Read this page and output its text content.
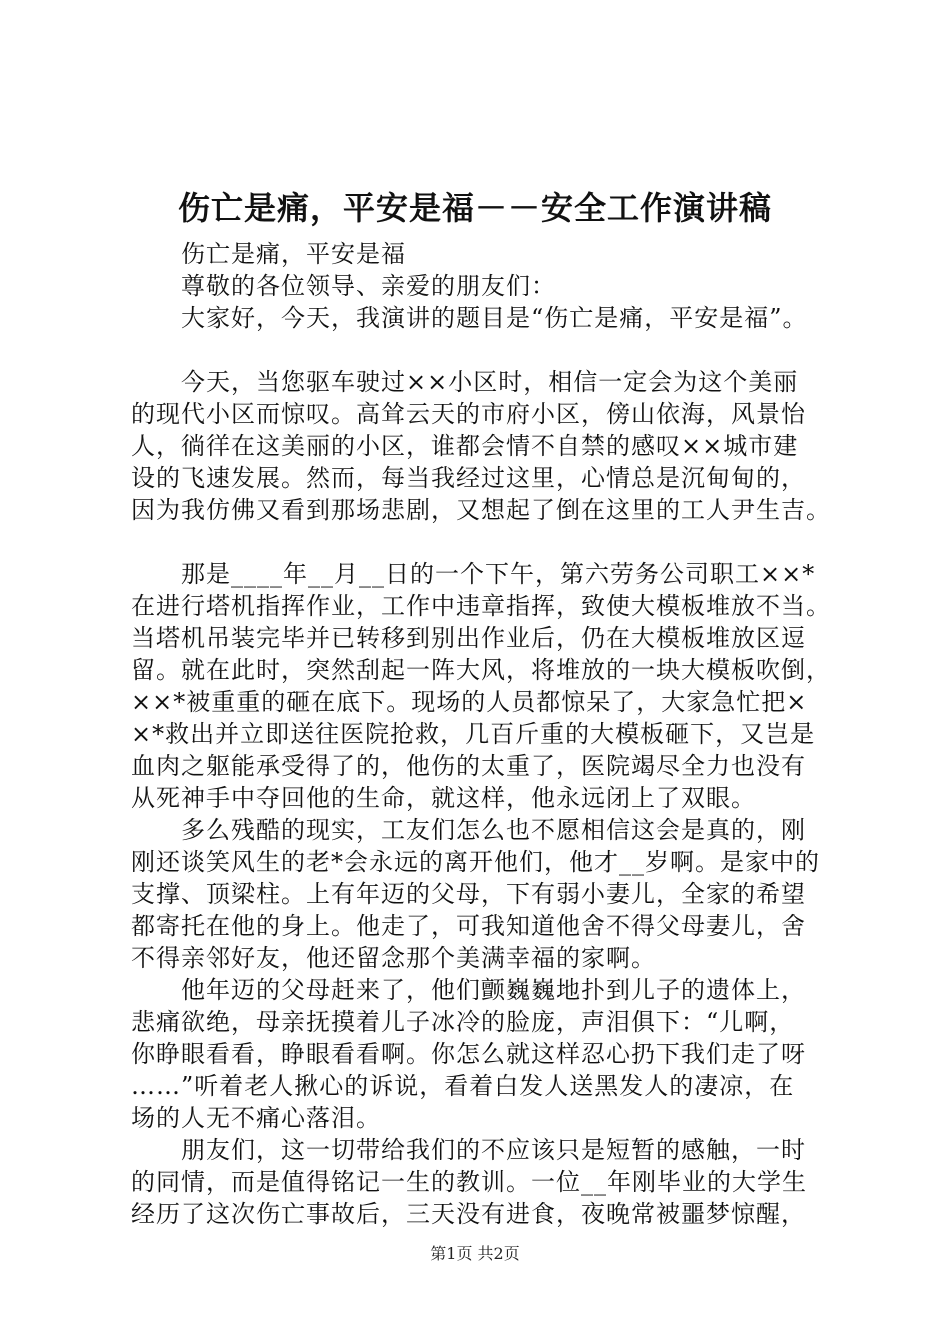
伤亡是痛，平安是福－－安全工作演讲稿
伤亡是痛，平安是福
尊敬的各位领导、亲爱的朋友们：
大家好，今天，我演讲的题目是“伤亡是痛，平安是福”。
今天，当您驱车驶过××小区时，相信一定会为这个美丽
的现代小区而惊叹。高耸云天的市府小区，傍山依海，风景怡
人，徜徉在这美丽的小区，谁都会情不自禁的感叹××城市建
设的飞速发展。然而，每当我经过这里，心情总是沉甸甸的，
因为我仿佛又看到那场悲剧，又想起了倒在这里的工人尹生吉。
那是____年__月__日的一个下午，第六劳务公司职工××*
在进行塔机指挥作业，工作中违章指挥，致使大模板堆放不当。
当塔机吊装完毕并已转移到别出作业后，仍在大模板堆放区逗
留。就在此时，突然刮起一阵大风，将堆放的一块大模板吹倒，
××*被重重的砸在底下。现场的人员都惊呆了，大家急忙把×
×*救出并立即送往医院抢救，几百斤重的大模板砸下，又岂是
血肉之躯能承受得了的，他伤的太重了，医院竭尽全力也没有
从死神手中夺回他的生命，就这样，他永远闭上了双眼。
多么残酷的现实，工友们怎么也不愿相信这会是真的，刚
刚还谈笑风生的老*会永远的离开他们，他才__岁啊。是家中的
支撑、顶梁柱。上有年迈的父母，下有弱小妻儿，全家的希望
都寄托在他的身上。他走了，可我知道他舍不得父母妻儿，舍
不得亲邻好友，他还留念那个美满幸福的家啊。
他年迈的父母赶来了，他们颤巍巍地扑到儿子的遗体上，
悲痛欲绝，母亲抚摸着儿子冰冷的脸庞，声泪俱下：“儿啊，
你睁眼看看，睁眼看看啊。你怎么就这样忍心扔下我们走了呀
……”听着老人揪心的诉说，看着白发人送黑发人的凄凉，在
场的人无不痛心落泪。
朋友们，这一切带给我们的不应该只是短暂的感触，一时
的同情，而是值得铭记一生的教训。一位__年刚毕业的大学生
经历了这次伤亡事故后，三天没有进食，夜晚常被噩梦惊醒，
第1页 共2页
